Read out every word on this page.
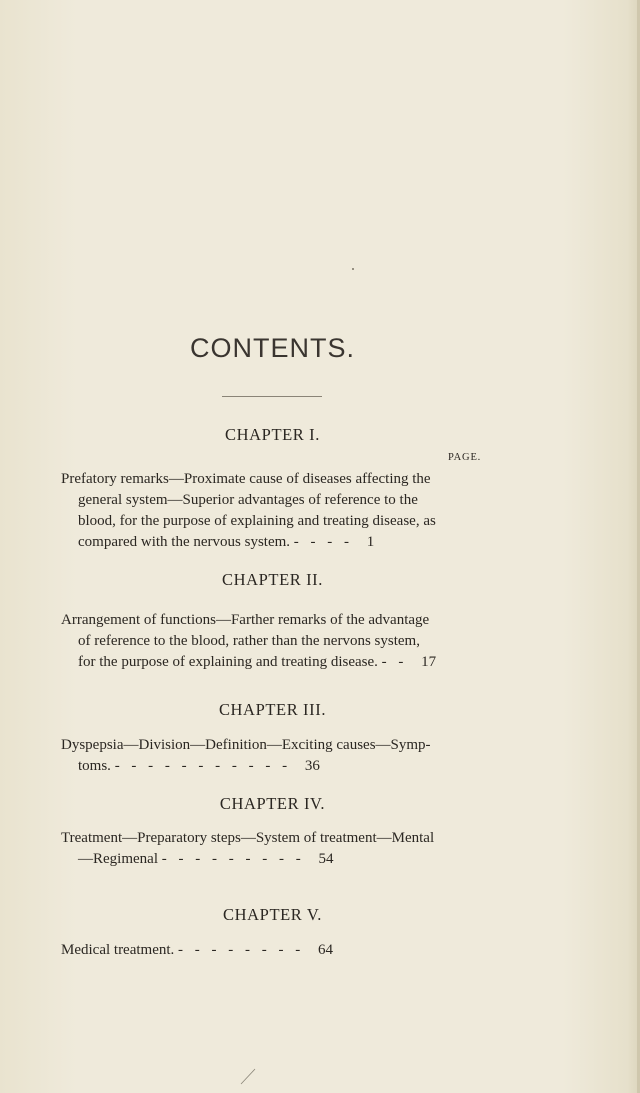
CONTENTS.
CHAPTER I.
PAGE.
Prefatory remarks—Proximate cause of diseases affecting the
general system—Superior advantages of reference to the
blood, for the purpose of explaining and treating disease, as
compared with the nervous system. - - - - 1
CHAPTER II.
Arrangement of functions—Farther remarks of the advantage
of reference to the blood, rather than the nervons system,
for the purpose of explaining and treating disease. - - 17
CHAPTER III.
Dyspepsia—Division—Definition—Exciting causes—Symp-
toms. - - - - - - - - - - - 36
CHAPTER IV.
Treatment—Preparatory steps—System of treatment—Mental
—Regimenal - - - - - - - - - 54
CHAPTER V.
Medical treatment. - - - - - - - - 64
